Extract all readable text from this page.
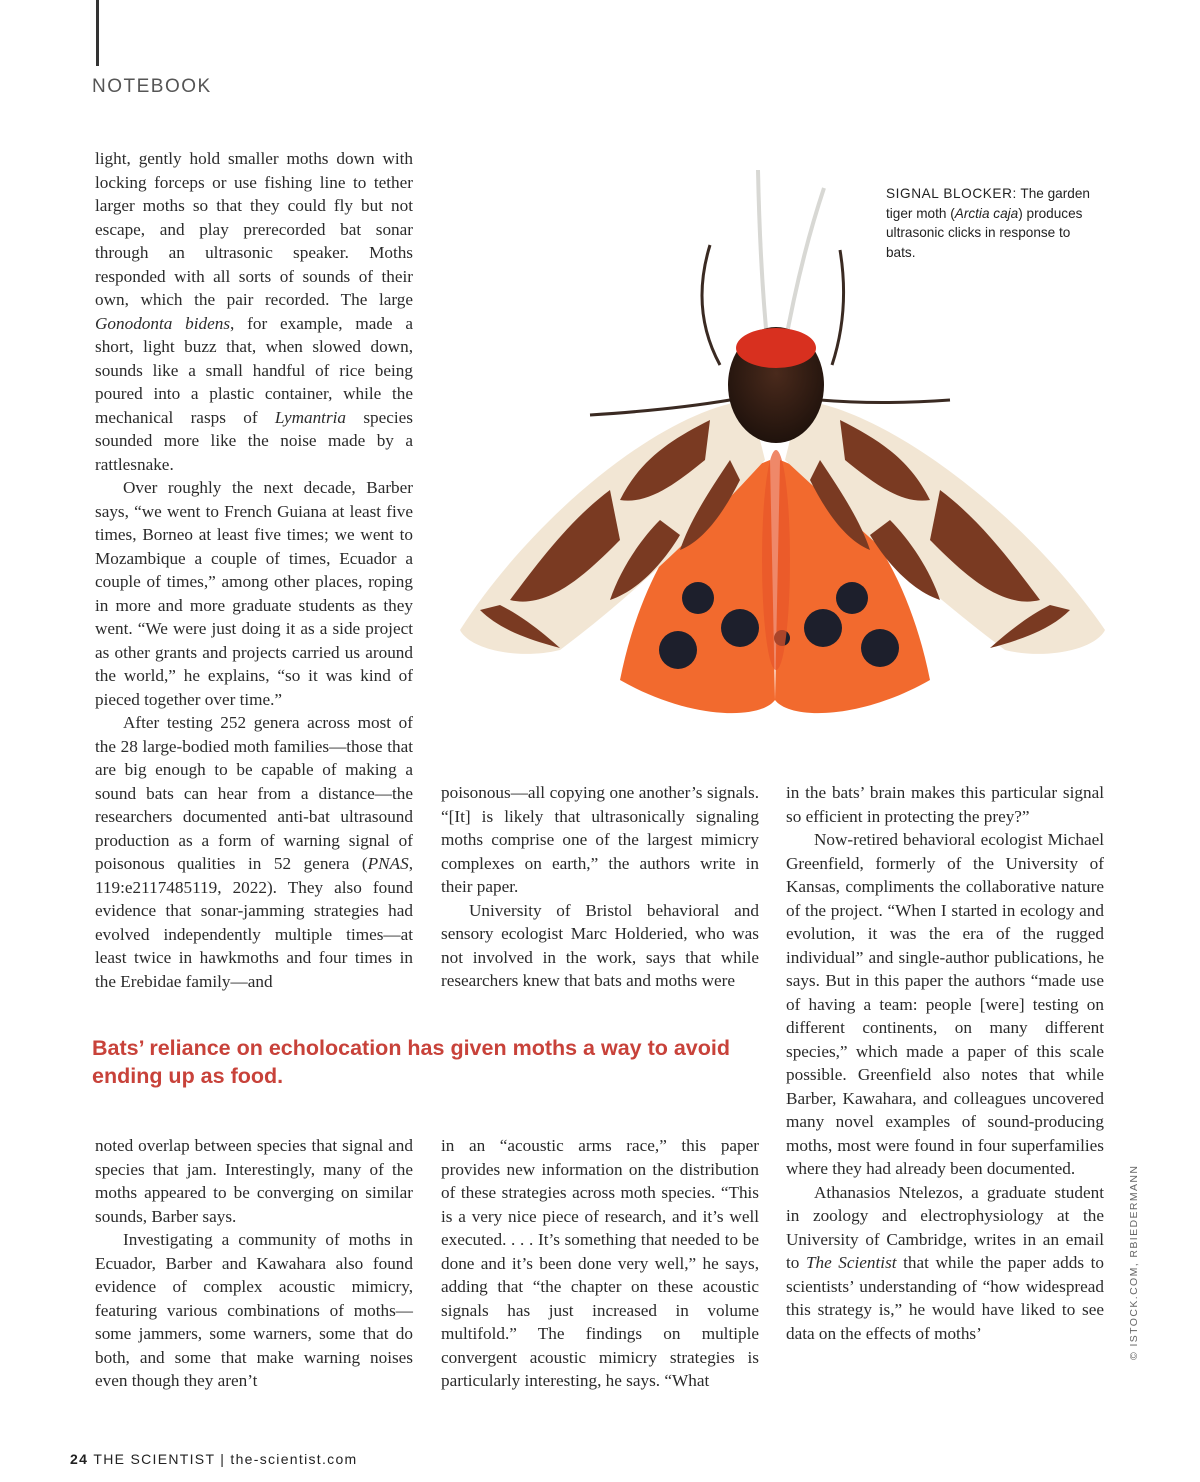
NOTEBOOK
SIGNAL BLOCKER: The garden tiger moth (Arctia caja) produces ultrasonic clicks in response to bats.
© ISTOCK.COM, RBIEDERMANN

light, gently hold smaller moths down with locking forceps or use fishing line to tether larger moths so that they could fly but not escape, and play prerecorded bat sonar through an ultrasonic speaker. Moths responded with all sorts of sounds of their own, which the pair recorded. The large Gonodonta bidens, for example, made a short, light buzz that, when slowed down, sounds like a small handful of rice being poured into a plastic container, while the mechanical rasps of Lymantria species sounded more like the noise made by a rattlesnake.

Over roughly the next decade, Barber says, “we went to French Guiana at least five times, Borneo at least five times; we went to Mozambique a couple of times, Ecuador a couple of times,” among other places, roping in more and more graduate students as they went. “We were just doing it as a side project as other grants and projects carried us around the world,” he explains, “so it was kind of pieced together over time.”

After testing 252 genera across most of the 28 large-bodied moth families—those that are big enough to be capable of making a sound bats can hear from a distance—the researchers documented anti-bat ultrasound production as a form of warning signal of poisonous qualities in 52 genera (PNAS, 119:e2117485119, 2022). They also found evidence that sonar-jamming strategies had evolved independently multiple times—at least twice in hawkmoths and four times in the Erebidae family—and

poisonous—all copying one another’s signals. “[It] is likely that ultrasonically signaling moths comprise one of the largest mimicry complexes on earth,” the authors write in their paper.

University of Bristol behavioral and sensory ecologist Marc Holderied, who was not involved in the work, says that while researchers knew that bats and moths were

in the bats’ brain makes this particular signal so efficient in protecting the prey?”

Now-retired behavioral ecologist Michael Greenfield, formerly of the University of Kansas, compliments the collaborative nature of the project. “When I started in ecology and evolution, it was the era of the rugged individual” and single-author publications, he says. But in this paper the authors “made use of having a team: people [were] testing on different continents, on many different species,” which made a paper of this scale possible. Greenfield also notes that while Barber, Kawahara, and colleagues uncovered many novel examples of sound-producing moths, most were found in four superfamilies where they had already been documented.

Athanasios Ntelezos, a graduate student in zoology and electrophysiology at the University of Cambridge, writes in an email to The Scientist that while the paper adds to scientists’ understanding of “how widespread this strategy is,” he would have liked to see data on the effects of moths’

Bats’ reliance on echolocation has given moths a way to avoid ending up as food.

noted overlap between species that signal and species that jam. Interestingly, many of the moths appeared to be converging on similar sounds, Barber says.

Investigating a community of moths in Ecuador, Barber and Kawahara also found evidence of complex acoustic mimicry, featuring various combinations of moths—some jammers, some warners, some that do both, and some that make warning noises even though they aren’t

in an “acoustic arms race,” this paper provides new information on the distribution of these strategies across moth species. “This is a very nice piece of research, and it’s well executed. . . . It’s something that needed to be done and it’s been done very well,” he says, adding that “the chapter on these acoustic signals has just increased in volume multifold.” The findings on multiple convergent acoustic mimicry strategies is particularly interesting, he says. “What

24 THE SCIENTIST | the-scientist.com
